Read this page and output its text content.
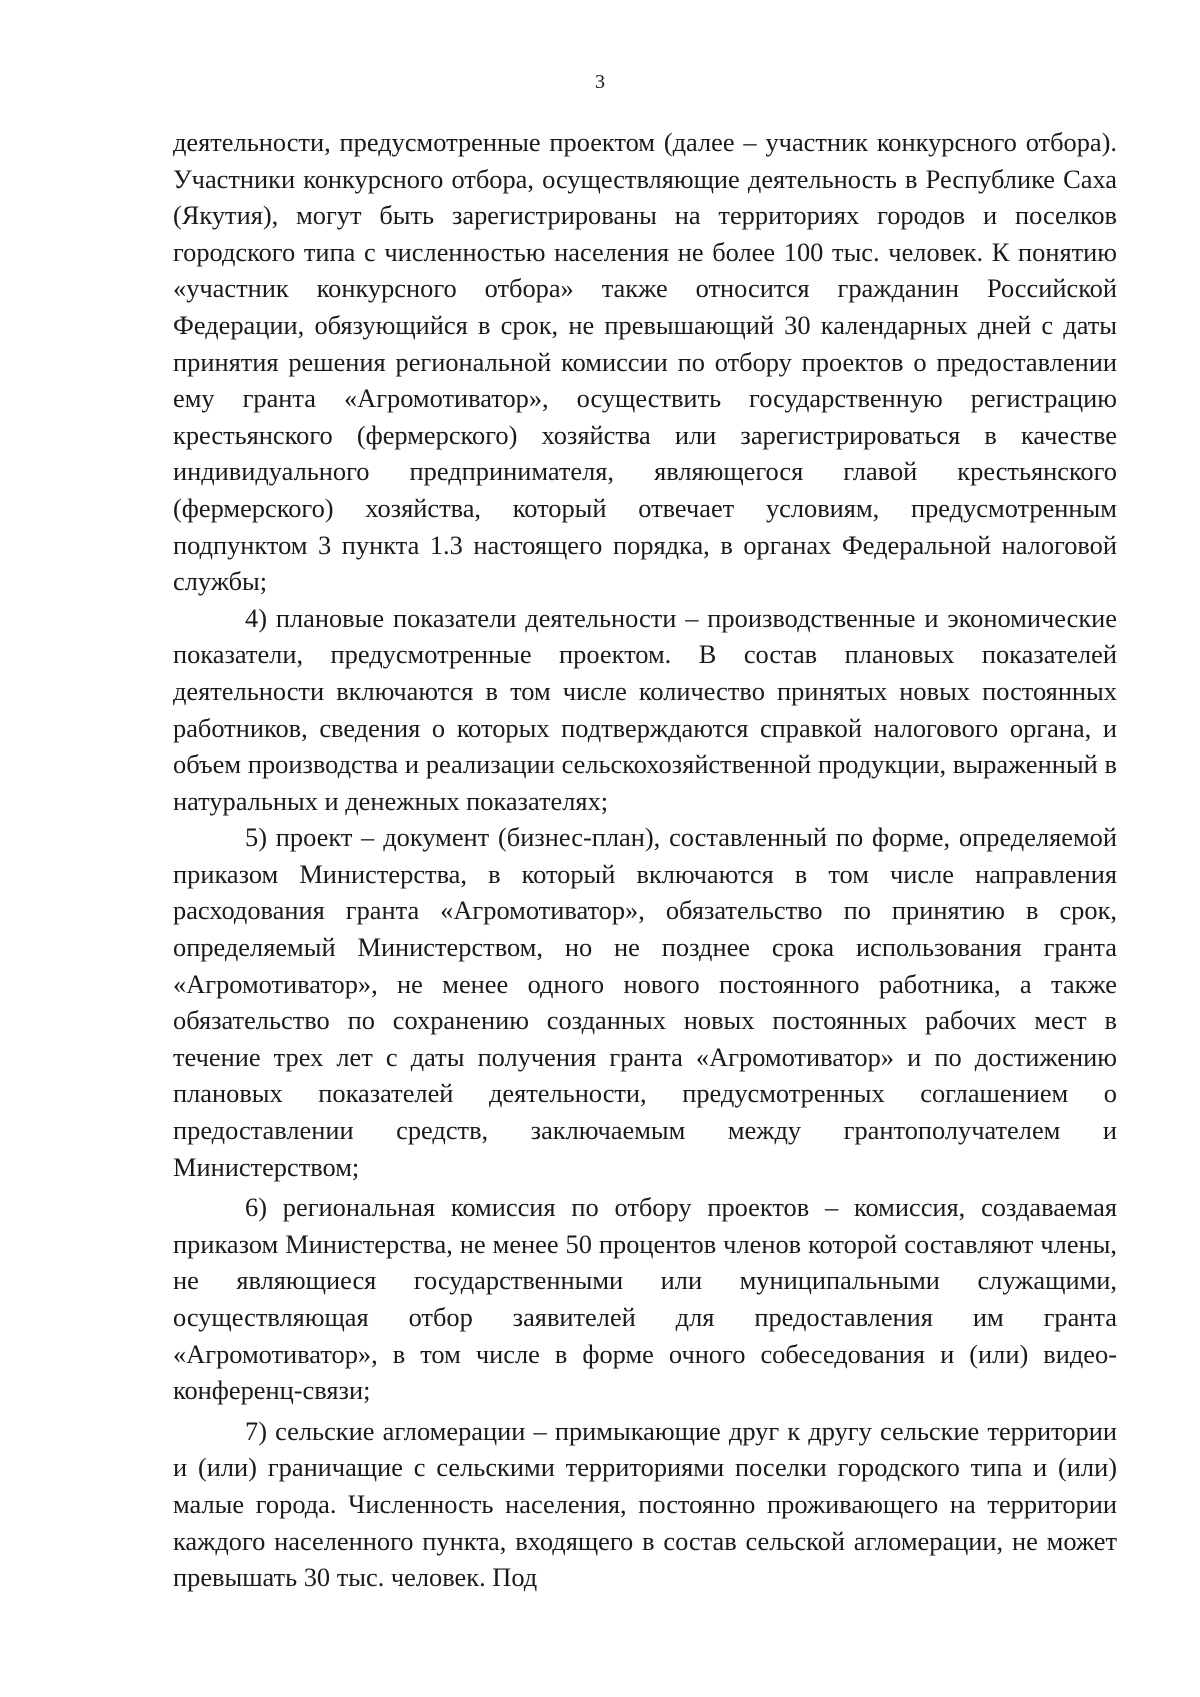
3

деятельности, предусмотренные проектом (далее – участник конкурсного отбора). Участники конкурсного отбора, осуществляющие деятельность в Республике Саха (Якутия), могут быть зарегистрированы на территориях городов и поселков городского типа с численностью населения не более 100 тыс. человек. К понятию «участник конкурсного отбора» также относится гражданин Российской Федерации, обязующийся в срок, не превышающий 30 календарных дней с даты принятия решения региональной комиссии по отбору проектов о предоставлении ему гранта «Агромотиватор», осуществить государственную регистрацию крестьянского (фермерского) хозяйства или зарегистрироваться в качестве индивидуального предпринимателя, являющегося главой крестьянского (фермерского) хозяйства, который отвечает условиям, предусмотренным подпунктом 3 пункта 1.3 настоящего порядка, в органах Федеральной налоговой службы;

4) плановые показатели деятельности – производственные и экономические показатели, предусмотренные проектом. В состав плановых показателей деятельности включаются в том числе количество принятых новых постоянных работников, сведения о которых подтверждаются справкой налогового органа, и объем производства и реализации сельскохозяйственной продукции, выраженный в натуральных и денежных показателях;

5) проект – документ (бизнес-план), составленный по форме, определяемой приказом Министерства, в который включаются в том числе направления расходования гранта «Агромотиватор», обязательство по принятию в срок, определяемый Министерством, но не позднее срока использования гранта «Агромотиватор», не менее одного нового постоянного работника, а также обязательство по сохранению созданных новых постоянных рабочих мест в течение трех лет с даты получения гранта «Агромотиватор» и по достижению плановых показателей деятельности, предусмотренных соглашением о предоставлении средств, заключаемым между грантополучателем и Министерством;

6) региональная комиссия по отбору проектов – комиссия, создаваемая приказом Министерства, не менее 50 процентов членов которой составляют члены, не являющиеся государственными или муниципальными служащими, осуществляющая отбор заявителей для предоставления им гранта «Агромотиватор», в том числе в форме очного собеседования и (или) видео-конференц-связи;

7) сельские агломерации – примыкающие друг к другу сельские территории и (или) граничащие с сельскими территориями поселки городского типа и (или) малые города. Численность населения, постоянно проживающего на территории каждого населенного пункта, входящего в состав сельской агломерации, не может превышать 30 тыс. человек. Под
